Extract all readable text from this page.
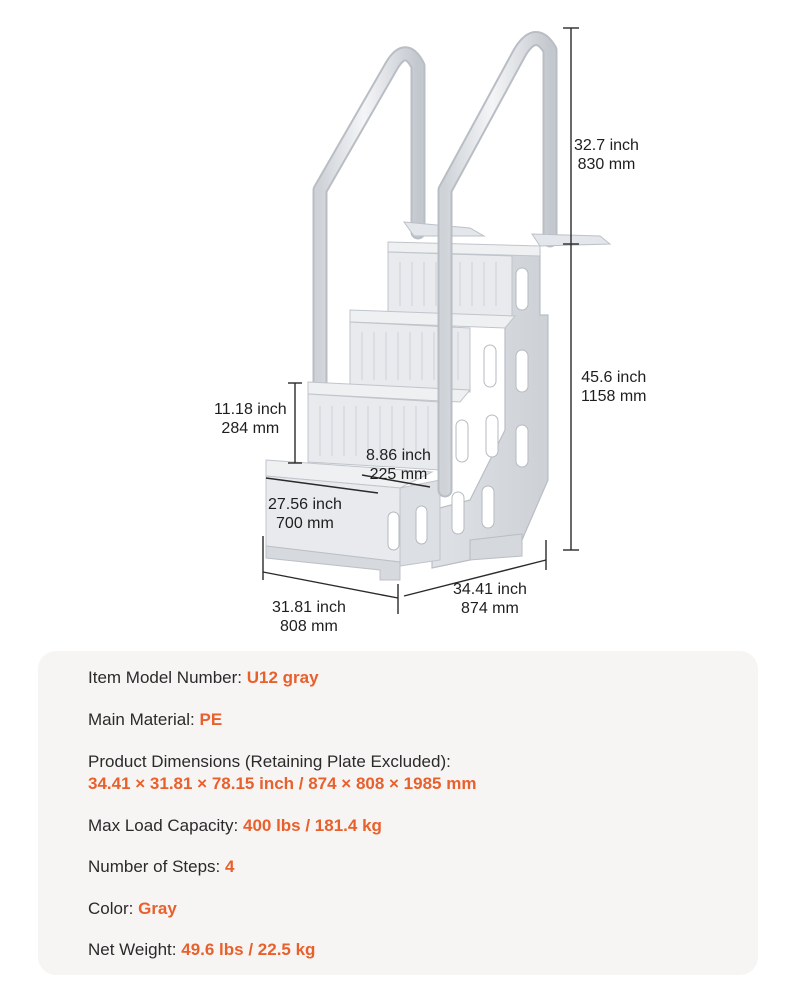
32.7 inch
830 mm
45.6 inch
1158 mm
11.18 inch
284 mm
8.86 inch
225 mm
27.56 inch
700 mm
34.41 inch
874 mm
31.81 inch
808 mm
Item Model Number: U12 gray
Main Material: PE
Product Dimensions (Retaining Plate Excluded):
34.41 × 31.81 × 78.15 inch / 874 × 808 × 1985 mm
Max Load Capacity: 400 lbs / 181.4 kg
Number of Steps: 4
Color: Gray
Net Weight: 49.6 lbs / 22.5 kg
